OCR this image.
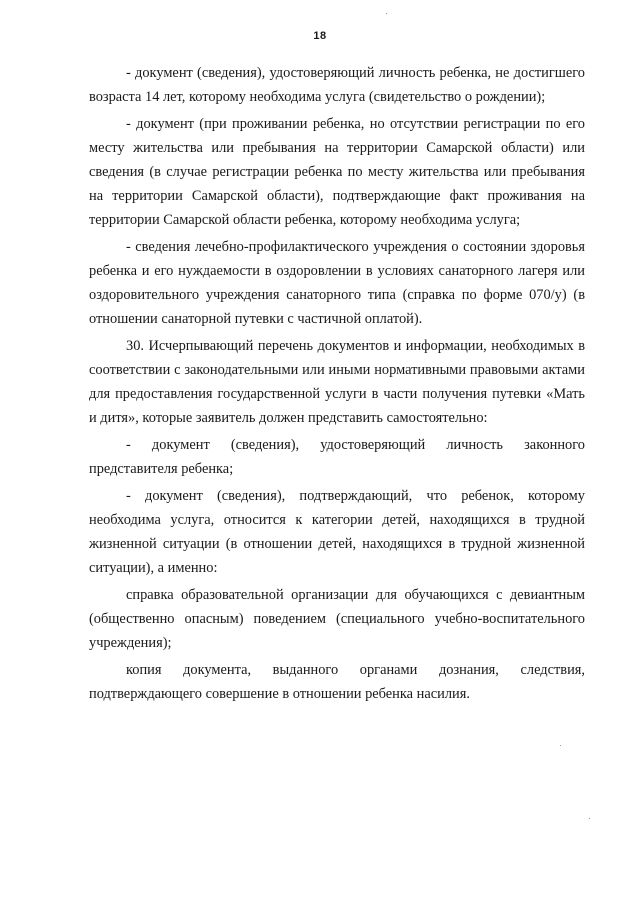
18

- документ (сведения), удостоверяющий личность ребенка, не достигшего возраста 14 лет, которому необходима услуга (свидетельство о рождении);

- документ (при проживании ребенка, но отсутствии регистрации по его месту жительства или пребывания на территории Самарской области) или сведения (в случае регистрации ребенка по месту жительства или пребывания на территории Самарской области), подтверждающие факт проживания на территории Самарской области ребенка, которому необходима услуга;

- сведения лечебно-профилактического учреждения о состоянии здоровья ребенка и его нуждаемости в оздоровлении в условиях санаторного лагеря или оздоровительного учреждения санаторного типа (справка по форме 070/у) (в отношении санаторной путевки с частичной оплатой).

30. Исчерпывающий перечень документов и информации, необходимых в соответствии с законодательными или иными нормативными правовыми актами для предоставления государственной услуги в части получения путевки «Мать и дитя», которые заявитель должен представить самостоятельно:

- документ (сведения), удостоверяющий личность законного представителя ребенка;

- документ (сведения), подтверждающий, что ребенок, которому необходима услуга, относится к категории детей, находящихся в трудной жизненной ситуации (в отношении детей, находящихся в трудной жизненной ситуации), а именно:

справка образовательной организации для обучающихся с девиантным (общественно опасным) поведением (специального учебно-воспитательного учреждения);

копия документа, выданного органами дознания, следствия, подтверждающего совершение в отношении ребенка насилия.
